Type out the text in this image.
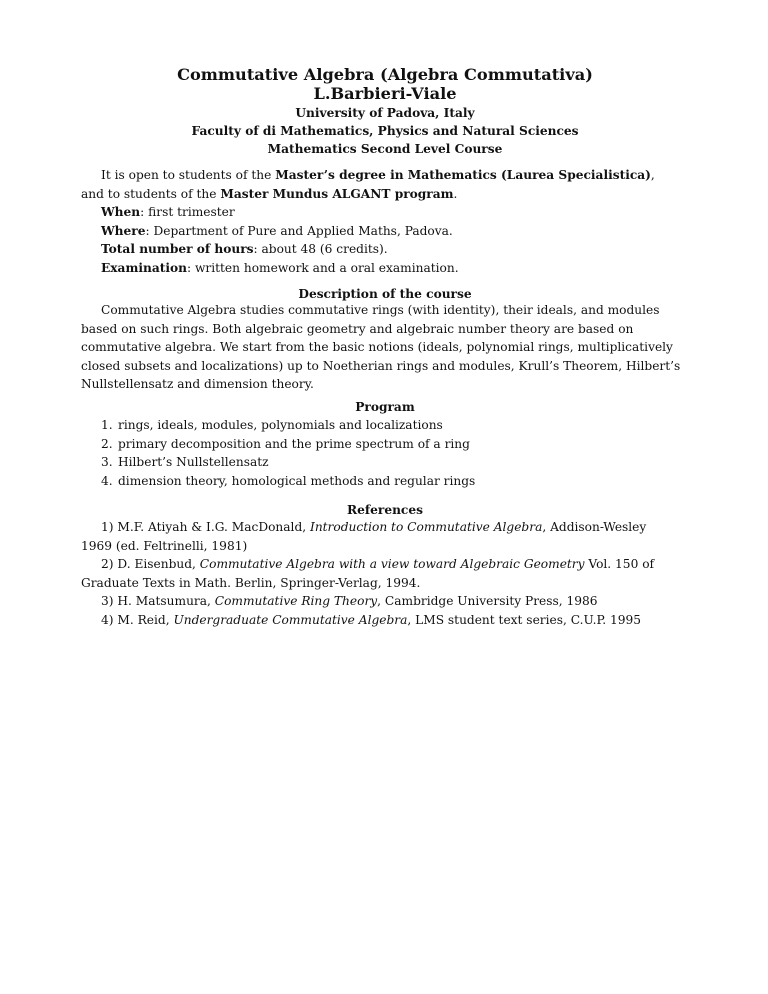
Commutative Algebra (Algebra Commutativa)
L.Barbieri-Viale
University of Padova, Italy
Faculty of di Mathematics, Physics and Natural Sciences
Mathematics Second Level Course
It is open to students of the Master’s degree in Mathematics (Laurea Specialistica),
and to students of the Master Mundus ALGANT program.
When: first trimester
Where: Department of Pure and Applied Maths, Padova.
Total number of hours: about 48 (6 credits).
Examination: written homework and a oral examination.
Description of the course
Commutative Algebra studies commutative rings (with identity), their ideals, and modules
based on such rings. Both algebraic geometry and algebraic number theory are based on
commutative algebra. We start from the basic notions (ideals, polynomial rings, multiplicatively
closed subsets and localizations) up to Noetherian rings and modules, Krull’s Theorem, Hilbert’s
Nullstellensatz and dimension theory.
Program
1. rings, ideals, modules, polynomials and localizations
2. primary decomposition and the prime spectrum of a ring
3. Hilbert’s Nullstellensatz
4. dimension theory, homological methods and regular rings
References
1) M.F. Atiyah & I.G. MacDonald, Introduction to Commutative Algebra, Addison-Wesley
1969 (ed. Feltrinelli, 1981)
2) D. Eisenbud, Commutative Algebra with a view toward Algebraic Geometry Vol. 150 of
Graduate Texts in Math. Berlin, Springer-Verlag, 1994.
3) H. Matsumura, Commutative Ring Theory, Cambridge University Press, 1986
4) M. Reid, Undergraduate Commutative Algebra, LMS student text series, C.U.P. 1995
